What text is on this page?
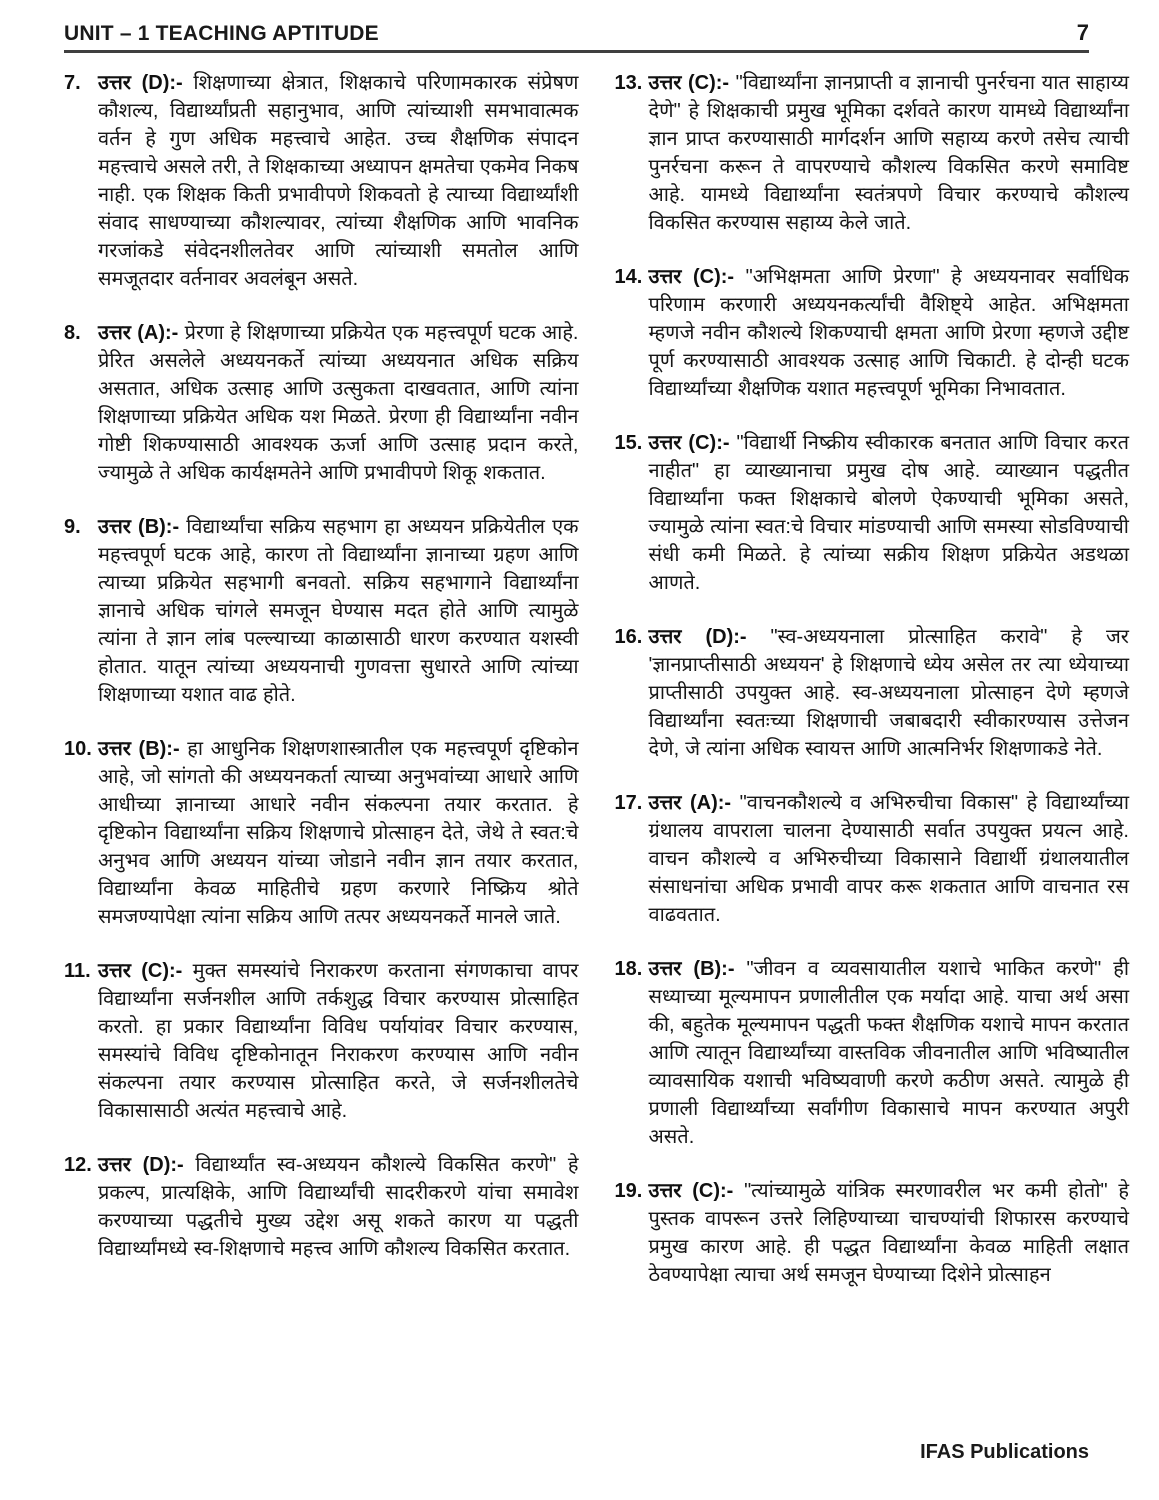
UNIT – 1 TEACHING APTITUDE	7
7. उत्तर (D):- शिक्षणाच्या क्षेत्रात, शिक्षकाचे परिणामकारक संप्रेषण कौशल्य, विद्यार्थ्यांप्रती सहानुभाव, आणि त्यांच्याशी समभावात्मक वर्तन हे गुण अधिक महत्त्वाचे आहेत. उच्च शैक्षणिक संपादन महत्त्वाचे असले तरी, ते शिक्षकाच्या अध्यापन क्षमतेचा एकमेव निकष नाही. एक शिक्षक किती प्रभावीपणे शिकवतो हे त्याच्या विद्यार्थ्यांशी संवाद साधण्याच्या कौशल्यावर, त्यांच्या शैक्षणिक आणि भावनिक गरजांकडे संवेदनशीलतेवर आणि त्यांच्याशी समतोल आणि समजूतदार वर्तनावर अवलंबून असते.
8. उत्तर (A):- प्रेरणा हे शिक्षणाच्या प्रक्रियेत एक महत्त्वपूर्ण घटक आहे. प्रेरित असलेले अध्ययनकर्ते त्यांच्या अध्ययनात अधिक सक्रिय असतात, अधिक उत्साह आणि उत्सुकता दाखवतात, आणि त्यांना शिक्षणाच्या प्रक्रियेत अधिक यश मिळते. प्रेरणा ही विद्यार्थ्यांना नवीन गोष्टी शिकण्यासाठी आवश्यक ऊर्जा आणि उत्साह प्रदान करते, ज्यामुळे ते अधिक कार्यक्षमतेने आणि प्रभावीपणे शिकू शकतात.
9. उत्तर (B):- विद्यार्थ्यांचा सक्रिय सहभाग हा अध्ययन प्रक्रियेतील एक महत्त्वपूर्ण घटक आहे, कारण तो विद्यार्थ्यांना ज्ञानाच्या ग्रहण आणि त्याच्या प्रक्रियेत सहभागी बनवतो. सक्रिय सहभागाने विद्यार्थ्यांना ज्ञानाचे अधिक चांगले समजून घेण्यास मदत होते आणि त्यामुळे त्यांना ते ज्ञान लांब पल्ल्याच्या काळासाठी धारण करण्यात यशस्वी होतात. यातून त्यांच्या अध्ययनाची गुणवत्ता सुधारते आणि त्यांच्या शिक्षणाच्या यशात वाढ होते.
10. उत्तर (B):- हा आधुनिक शिक्षणशास्त्रातील एक महत्त्वपूर्ण दृष्टिकोन आहे, जो सांगतो की अध्ययनकर्ता त्याच्या अनुभवांच्या आधारे आणि आधीच्या ज्ञानाच्या आधारे नवीन संकल्पना तयार करतात. हे दृष्टिकोन विद्यार्थ्यांना सक्रिय शिक्षणाचे प्रोत्साहन देते, जेथे ते स्वत:चे अनुभव आणि अध्ययन यांच्या जोडाने नवीन ज्ञान तयार करतात, विद्यार्थ्यांना केवळ माहितीचे ग्रहण करणारे निष्क्रिय श्रोते समजण्यापेक्षा त्यांना सक्रिय आणि तत्पर अध्ययनकर्ते मानले जाते.
11. उत्तर (C):- मुक्त समस्यांचे निराकरण करताना संगणकाचा वापर विद्यार्थ्यांना सर्जनशील आणि तर्कशुद्ध विचार करण्यास प्रोत्साहित करतो. हा प्रकार विद्यार्थ्यांना विविध पर्यायांवर विचार करण्यास, समस्यांचे विविध दृष्टिकोनातून निराकरण करण्यास आणि नवीन संकल्पना तयार करण्यास प्रोत्साहित करते, जे सर्जनशीलतेचे विकासासाठी अत्यंत महत्त्वाचे आहे.
12. उत्तर (D):- विद्यार्थ्यांत स्व-अध्ययन कौशल्ये विकसित करणे" हे प्रकल्प, प्रात्यक्षिके, आणि विद्यार्थ्यांची सादरीकरणे यांचा समावेश करण्याच्या पद्धतीचे मुख्य उद्देश असू शकते कारण या पद्धती विद्यार्थ्यांमध्ये स्व-शिक्षणाचे महत्त्व आणि कौशल्य विकसित करतात.
13. उत्तर (C):- "विद्यार्थ्यांना ज्ञानप्राप्ती व ज्ञानाची पुनर्रचना यात साहाय्य देणे" हे शिक्षकाची प्रमुख भूमिका दर्शवते कारण यामध्ये विद्यार्थ्यांना ज्ञान प्राप्त करण्यासाठी मार्गदर्शन आणि सहाय्य करणे तसेच त्याची पुनर्रचना करून ते वापरण्याचे कौशल्य विकसित करणे समाविष्ट आहे. यामध्ये विद्यार्थ्यांना स्वतंत्रपणे विचार करण्याचे कौशल्य विकसित करण्यास सहाय्य केले जाते.
14. उत्तर (C):- "अभिक्षमता आणि प्रेरणा" हे अध्ययनावर सर्वाधिक परिणाम करणारी अध्ययनकर्त्यांची वैशिष्ट्ये आहेत. अभिक्षमता म्हणजे नवीन कौशल्ये शिकण्याची क्षमता आणि प्रेरणा म्हणजे उद्दीष्ट पूर्ण करण्यासाठी आवश्यक उत्साह आणि चिकाटी. हे दोन्ही घटक विद्यार्थ्यांच्या शैक्षणिक यशात महत्त्वपूर्ण भूमिका निभावतात.
15. उत्तर (C):- "विद्यार्थी निष्क्रीय स्वीकारक बनतात आणि विचार करत नाहीत" हा व्याख्यानाचा प्रमुख दोष आहे. व्याख्यान पद्धतीत विद्यार्थ्यांना फक्त शिक्षकाचे बोलणे ऐकण्याची भूमिका असते, ज्यामुळे त्यांना स्वत:चे विचार मांडण्याची आणि समस्या सोडविण्याची संधी कमी मिळते. हे त्यांच्या सक्रीय शिक्षण प्रक्रियेत अडथळा आणते.
16. उत्तर (D):- "स्व-अध्ययनाला प्रोत्साहित करावे" हे जर 'ज्ञानप्राप्तीसाठी अध्ययन' हे शिक्षणाचे ध्येय असेल तर त्या ध्येयाच्या प्राप्तीसाठी उपयुक्त आहे. स्व-अध्ययनाला प्रोत्साहन देणे म्हणजे विद्यार्थ्यांना स्वतःच्या शिक्षणाची जबाबदारी स्वीकारण्यास उत्तेजन देणे, जे त्यांना अधिक स्वायत्त आणि आत्मनिर्भर शिक्षणाकडे नेते.
17. उत्तर (A):- "वाचनकौशल्ये व अभिरुचीचा विकास" हे विद्यार्थ्यांच्या ग्रंथालय वापराला चालना देण्यासाठी सर्वात उपयुक्त प्रयत्न आहे. वाचन कौशल्ये व अभिरुचीच्या विकासाने विद्यार्थी ग्रंथालयातील संसाधनांचा अधिक प्रभावी वापर करू शकतात आणि वाचनात रस वाढवतात.
18. उत्तर (B):- "जीवन व व्यवसायातील यशाचे भाकित करणे" ही सध्याच्या मूल्यमापन प्रणालीतील एक मर्यादा आहे. याचा अर्थ असा की, बहुतेक मूल्यमापन पद्धती फक्त शैक्षणिक यशाचे मापन करतात आणि त्यातून विद्यार्थ्यांच्या वास्तविक जीवनातील आणि भविष्यातील व्यावसायिक यशाची भविष्यवाणी करणे कठीण असते. त्यामुळे ही प्रणाली विद्यार्थ्यांच्या सर्वांगीण विकासाचे मापन करण्यात अपुरी असते.
19. उत्तर (C):- "त्यांच्यामुळे यांत्रिक स्मरणावरील भर कमी होतो" हे पुस्तक वापरून उत्तरे लिहिण्याच्या चाचण्यांची शिफारस करण्याचे प्रमुख कारण आहे. ही पद्धत विद्यार्थ्यांना केवळ माहिती लक्षात ठेवण्यापेक्षा त्याचा अर्थ समजून घेण्याच्या दिशेने प्रोत्साहन
IFAS Publications
